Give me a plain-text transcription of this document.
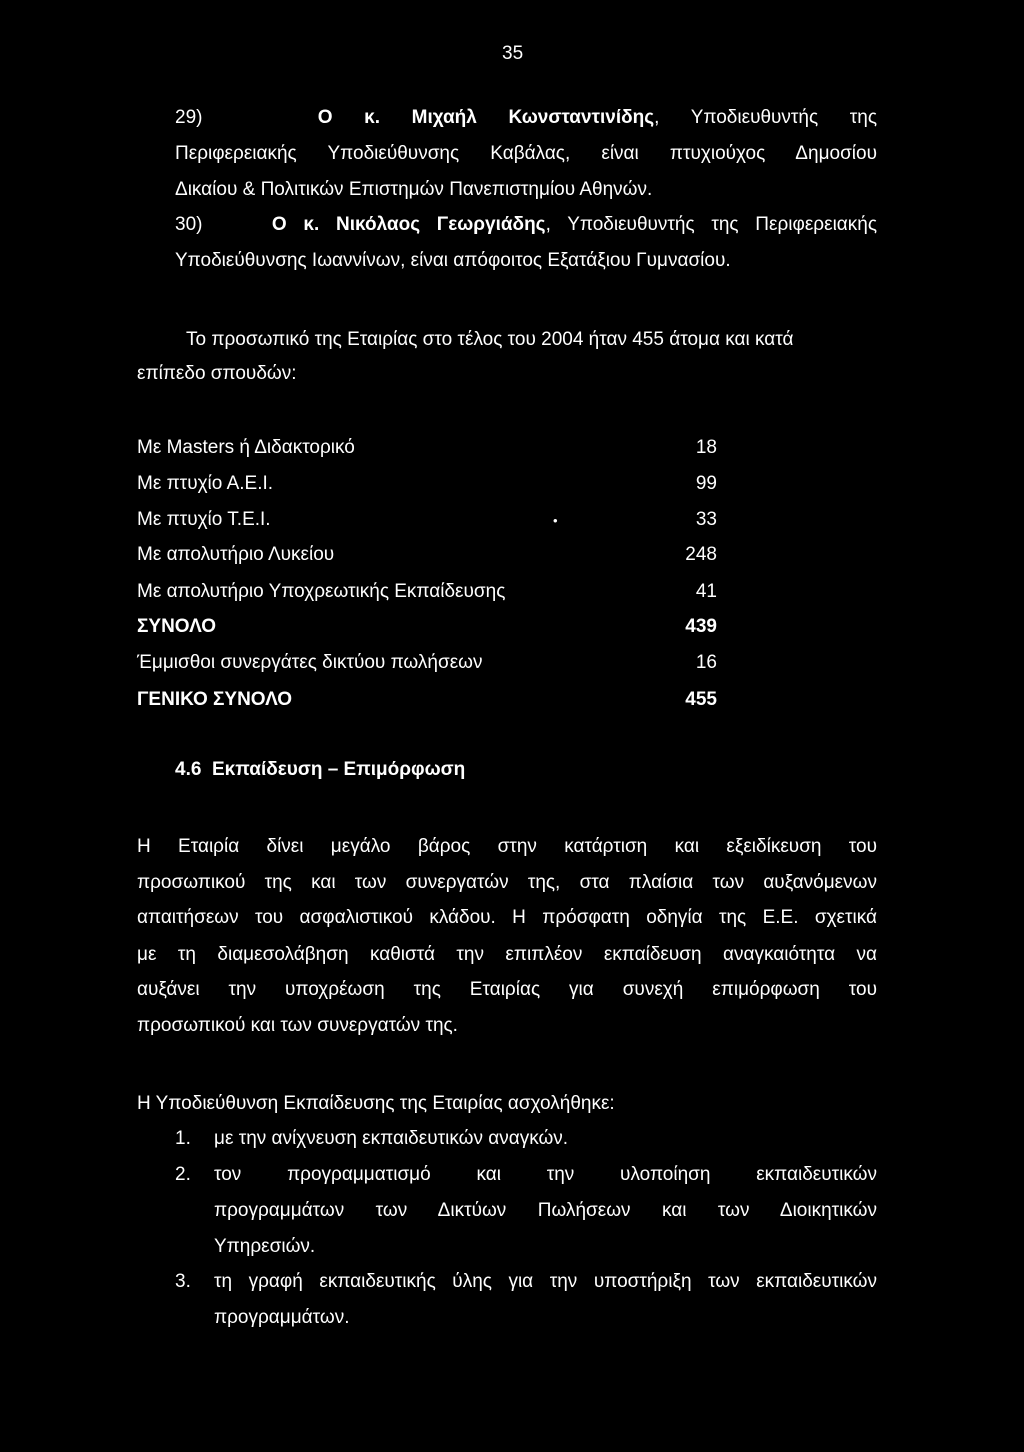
35
29)	Ο κ. Μιχαήλ Κωνσταντινίδης, Υποδιευθυντής της
Περιφερειακής Υποδιεύθυνσης Καβάλας, είναι πτυχιούχος Δημοσίου
Δικαίου & Πολιτικών Επιστημών Πανεπιστημίου Αθηνών.
30)	Ο κ. Νικόλαος Γεωργιάδης, Υποδιευθυντής της Περιφερειακής
Υποδιεύθυνσης Ιωαννίνων, είναι απόφοιτος Εξατάξιου Γυμνασίου.
Το προσωπικό της Εταιρίας στο τέλος του 2004 ήταν 455 άτομα και κατά
επίπεδο σπουδών:
Με Masters ή Διδακτορικό	18
Με πτυχίο Α.Ε.Ι.	99
Με πτυχίο Τ.Ε.Ι.	33
Με απολυτήριο Λυκείου	248
Με απολυτήριο Υποχρεωτικής Εκπαίδευσης	41
ΣΥΝΟΛΟ	439
Έμμισθοι συνεργάτες δικτύου πωλήσεων	16
ΓΕΝΙΚΟ ΣΥΝΟΛΟ	455
•
4.6 Εκπαίδευση – Επιμόρφωση
Η Εταιρία δίνει μεγάλο βάρος στην κατάρτιση και εξειδίκευση του
προσωπικού της και των συνεργατών της, στα πλαίσια των αυξανόμενων
απαιτήσεων του ασφαλιστικού κλάδου. Η πρόσφατη οδηγία της Ε.Ε. σχετικά
με τη διαμεσολάβηση καθιστά την επιπλέον εκπαίδευση αναγκαιότητα να
αυξάνει την υποχρέωση της Εταιρίας για συνεχή επιμόρφωση του
προσωπικού και των συνεργατών της.
Η Υποδιεύθυνση Εκπαίδευσης της Εταιρίας ασχολήθηκε:
1. με την ανίχνευση εκπαιδευτικών αναγκών.
2. τον προγραμματισμό και την υλοποίηση εκπαιδευτικών
προγραμμάτων των Δικτύων Πωλήσεων και των Διοικητικών
Υπηρεσιών.
3. τη γραφή εκπαιδευτικής ύλης για την υποστήριξη των εκπαιδευτικών
προγραμμάτων.
